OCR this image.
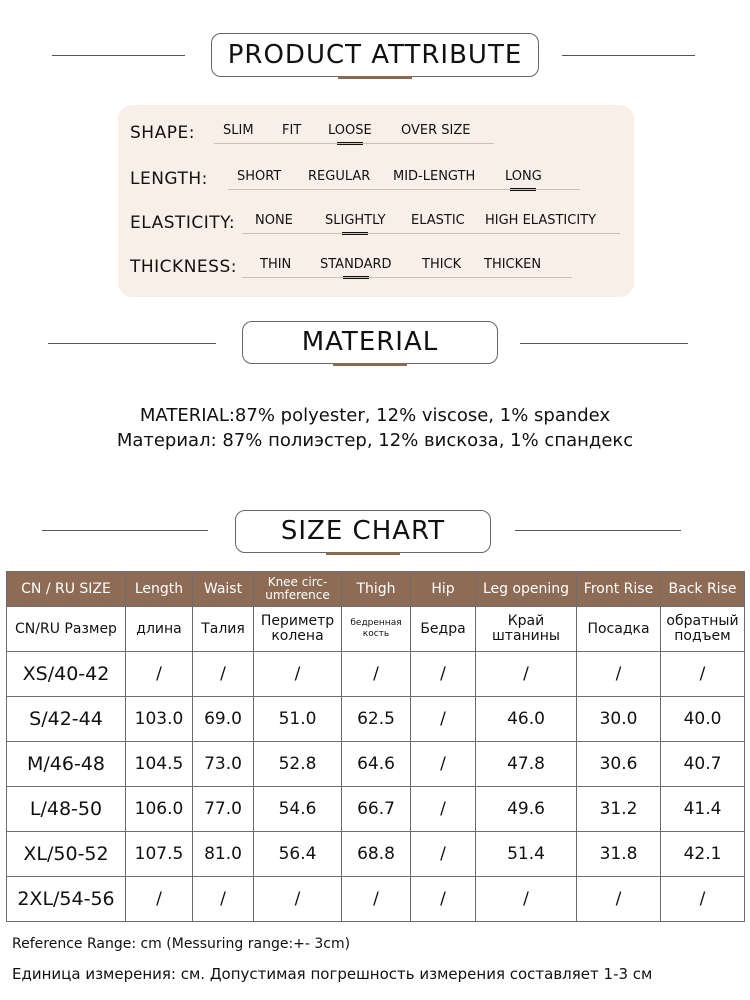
PRODUCT ATTRIBUTE
SHAPE: SLIM FIT LOOSE OVER SIZE
LENGTH: SHORT REGULAR MID-LENGTH LONG
ELASTICITY: NONE SLIGHTLY ELASTIC HIGH ELASTICITY
THICKNESS: THIN STANDARD THICK THICKEN
MATERIAL
MATERIAL:87% polyester, 12% viscose, 1% spandex
Материал: 87% полиэстер, 12% вискоза, 1% спандекс
SIZE CHART
CN / RU SIZE	Length	Waist	Knee circ-umference	Thigh	Hip	Leg opening	Front Rise	Back Rise
CN/RU Размер	длина	Талия	Периметр колена	бедренная кость	Бедра	Край штанины	Посадка	обратный подъем
XS/40-42	/	/	/	/	/	/	/	/
S/42-44	103.0	69.0	51.0	62.5	/	46.0	30.0	40.0
M/46-48	104.5	73.0	52.8	64.6	/	47.8	30.6	40.7
L/48-50	106.0	77.0	54.6	66.7	/	49.6	31.2	41.4
XL/50-52	107.5	81.0	56.4	68.8	/	51.4	31.8	42.1
2XL/54-56	/	/	/	/	/	/	/	/
Reference Range: cm (Messuring range:+- 3cm)
Единица измерения: см. Допустимая погрешность измерения составляет 1-3 см
